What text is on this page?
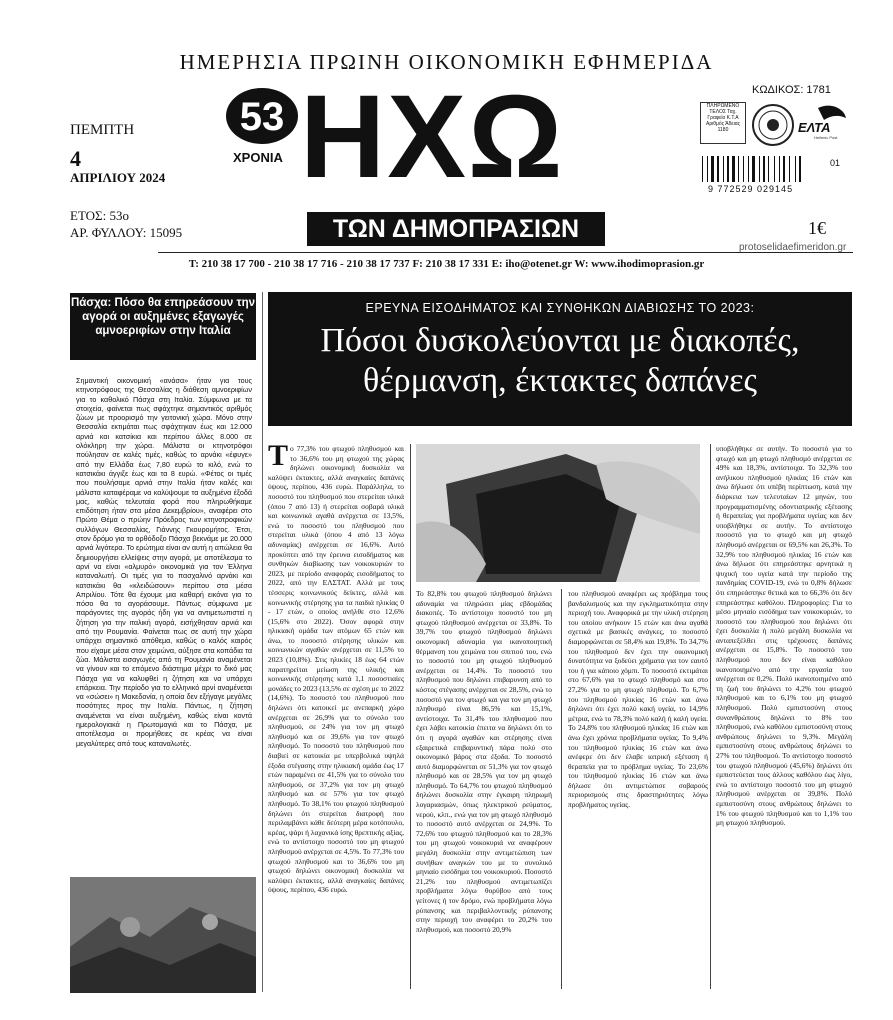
ΗΜΕΡΗΣΙΑ ΠΡΩΙΝΗ ΟΙΚΟΝΟΜΙΚΗ ΕΦΗΜΕΡΙΔΑ
ΠΕΜΠΤΗ
4
ΑΠΡΙΛΙΟΥ 2024
ΕΤΟΣ: 53ο
ΑΡ. ΦΥΛΛΟΥ: 15095
53
ΧΡΟΝΙΑ ΗΧΩ
ΤΩΝ ΔΗΜΟΠΡΑΣΙΩΝ
ΚΩΔΙΚΟΣ: 1781
ΠΛΗΡΩΜΕΝΟ ΤΕΛΟΣ Ταχ. Γραφείο Κ.Τ.Α Αριθμός Άδειας 1180	ΕΛΤΑ
Hellenic Post
9 772529 029145
01
1€
protoselidaefimeridon.gr
T: 210 38 17 700 - 210 38 17 716 - 210 38 17 737 F: 210 38 17 331 E: iho@otenet.gr W: www.ihodimoprasion.gr
Πάσχα: Πόσο θα επηρεάσουν την αγορά οι αυξημένες εξαγωγές αμνοεριφίων στην Ιταλία
Σημαντική οικονομική «ανάσα» ήταν για τους κτηνοτρόφους της Θεσσαλίας η διάθεση αμνοεριφίων για το καθολικό Πάσχα στη Ιταλία. Σύμφωνα με τα στοιχεία, φαίνεται πως σφάχτηκε σημαντικός αριθμός ζώων με προορισμό την γειτονική χώρα. Μόνο στην Θεσσαλία εκτιμάται πως σφάχτηκαν έως και 12.000 αρνιά και κατσίκια και περίπου άλλες 8.000 σε ολόκληρη την χώρα. Μάλιστα οι κτηνοτρόφοι πούλησαν σε καλές τιμές, καθώς το αρνάκι «έφυγε» από την Ελλάδα έως 7,80 ευρώ το κιλό, ενώ το κατσικάκι άγγιξε έως και τα 8 ευρώ. «Φέτος οι τιμές που πουλήσαμε αρνιά στην Ιταλία ήταν καλές και μάλιστα καταφέραμε να καλύψουμε τα αυξημένα έξοδά μας, καθώς τελευταία φορά που πληρωθήκαμε επιδότηση ήταν στα μέσα Δεκεμβρίου», αναφέρει στο Πρώτο Θέμα ο πρώην Πρόεδρος των κτηνοτροφικών συλλόγων Θεσσαλίας, Γιάννης Γκουρομήτος. Έτσι, στον δρόμο για το ορθόδοξο Πάσχα βεκνάμε με 20.000 αρνιά λιγότερα. Το ερώτημα είναι αν αυτή η απώλεια θα δημιουργήσει ελλείψεις στην αγορά, με αποτέλεσμα το αρνί να είναι «αλμυρό» οικονομικά για τον Έλληνα καταναλωτή. Οι τιμές για το πασχαλινό αρνάκι και κατσικάκι θα «κλειδώσουν» περίπου στα μέσα Απριλίου. Τότε θα έχουμε μια καθαρή εικόνα για το πόσο θα το αγοράσουμε. Πάντως σύμφωνα με παράγοντες της αγοράς ήδη για να αντιμετωπιστεί η ζήτηση για την ιταλική αγορά, εισήχθησαν αρνιά και από την Ρουμανία. Φαίνεται πως σε αυτή την χώρα υπάρχει σημαντικό απόθεμα, καθώς ο καλός καιρός που είχαμε μέσα στον χειμώνα, αύξησε στα κοπάδια τα ζώα. Μάλιστα εισαγωγές από τη Ρουμανία αναμένεται να γίνουν και το επόμενο διάστημα μέχρι το δικό μας Πάσχα για να καλυφθεί η ζήτηση και να υπάρχει επάρκεια. Την περίοδο για το ελληνικό αρνί αναμένεται να «σώσει» η Μακεδονία, η οποία δεν εξήγαγε μεγάλες ποσότητες προς την Ιταλία. Πάντως, η ζήτηση αναμένεται να είναι αυξημένη, καθώς είναι κοντά ημερολογιακά η Πρωτομαγιά και το Πάσχα, με αποτέλεσμα οι προμήθειες σε κρέας να είναι μεγαλύτερες από τους καταναλωτές.
ΕΡΕΥΝΑ ΕΙΣΟΔΗΜΑΤΟΣ ΚΑΙ ΣΥΝΘΗΚΩΝ ΔΙΑΒΙΩΣΗΣ ΤΟ 2023:
Πόσοι δυσκολεύονται με διακοπές,
θέρμανση, έκτακτες δαπάνες
Το 77,3% του φτωχού πληθυσμού και το 36,6% του μη φτωχού της χώρας δηλώνει οικονομική δυσκολία να καλύψει έκτακτες, αλλά αναγκαίες δαπάνες ύψους, περίπου, 436 ευρώ. Παράλληλα, το ποσοστό του πληθυσμού που στερείται υλικά (όπου 7 από 13) ή στερείται σοβαρά υλικά και κοινωνικά αγαθά ανέρχεται σε 13,5%, ενώ το ποσοστό του πληθυσμού που στερείται υλικά (όπου 4 από 13 λόγω αδυναμίας) ανέρχεται σε 16,6%. Αυτό προκύπτει από την έρευνα εισοδήματος και συνθηκών διαβίωσης των νοικοκυριών το 2023, με περίοδο αναφοράς εισοδήματος το 2022, από την ΕΛΣΤΑΤ. Αλλά με τους τέσσερις κοινωνικούς δείκτες, αλλά και κοινωνικής στέρησης για τα παιδιά ηλικίας 0 - 17 ετών, ο οποίος ανήλθε στο 12,6% (15,6% στο 2022). Όσον αφορά στην ηλικιακή ομάδα των ατόμων 65 ετών και άνω, το ποσοστό στέρησης υλικών και κοινωνικών αγαθών ανέρχεται σε 11,5% το 2023 (10,8%). Στις ηλικίες 18 έως 64 ετών παρατηρείται μείωση της υλικής και κοινωνικής στέρησης κατά 1,1 ποσοστιαίες μονάδες το 2023 (13,5% σε σχέση με το 2022 (14,6%). Το ποσοστό του πληθυσμού που δηλώνει ότι κατοικεί με ανεπαρκή χώρο ανέρχεται σε 26,9% για το σύνολο του πληθυσμού, σε 24% για τον μη φτωχό πληθυσμό και σε 39,6% για τον φτωχό πληθυσμό. Το ποσοστό του πληθυσμού που διαβιεί σε κατοικία με υπερβολικά υψηλά έξοδα στέγασης στην ηλικιακή ομάδα έως 17 ετών παραμένει σε 41,5% για το σύνολο του πληθυσμού, σε 37,2% για τον μη φτωχό πληθυσμό και σε 57% για τον φτωχό πληθυσμό. Το 38,1% του φτωχού πληθυσμού δηλώνει ότι στερείται διατροφή που περιλαμβάνει κάθε δεύτερη μέρα κοτόπουλο, κρέας, ψάρι ή λαχανικά ίσης θρεπτικής αξίας, ενώ το αντίστοιχο ποσοστό του μη φτωχού πληθυσμού ανέρχεται σε 4,5%. Το 77,3% του φτωχού πληθυσμού και το 36,6% του μη φτωχού δηλώνει οικονομική δυσκολία να καλύψει έκτακτες, αλλά αναγκαίες δαπάνες ύψους, περίπου, 436 ευρώ.
Το 82,8% του φτωχού πληθυσμού δηλώνει αδυναμία να πληρώσει μίας εβδομάδας διακοπές. Το αντίστοιχο ποσοστό του μη φτωχού πληθυσμού ανέρχεται σε 33,8%. Το 39,7% του φτωχού πληθυσμού δηλώνει οικονομική αδυναμία για ικανοποιητική θέρμανση του χειμώνα του σπιτιού του, ενώ το ποσοστό του μη φτωχού πληθυσμού ανέρχεται σε 14,4%. Το ποσοστό του πληθυσμού που δηλώνει επιβαρυνση από το κόστος στέγασης ανέρχεται σε 28,5%, ενώ το ποσοστό για τον φτωχό και για τον μη φτωχό πληθυσμό είναι 86,5% και 15,1%, αντίστοιχα. Το 31,4% του πληθυσμού που έχει λάβει κατοικία έπειτα να δηλώνει ότι το ότι η αγορά αγαθών και στέρησης είναι εξαιρετικά επιβαρυντική πάρα πολύ στο οικονομικό βάρος στα έξοδα. Το ποσοστό αυτό διαμορφώνεται σε 51,3% για τον φτωχό πληθυσμό και σε 28,5% για τον μη φτωχό πληθυσμό. Το 64,7% του φτωχού πληθυσμού δηλώνει δυσκολία στην έγκαιρη πληρωμή λογαριασμών, όπως ηλεκτρικού ρεύματος, νερού, κλπ., ενώ για τον μη φτωχό πληθυσμό το ποσοστό αυτό ανέρχεται σε 24,9%. Το 72,6% του φτωχού πληθυσμού και το 28,3% του μη φτωχού νοικοκυριά να αναφέρουν μεγάλη δυσκολία στην αντιμετώπιση των συνήθων αναγκών του με το συνολικό μηνιαίο εισόδημα του νοικοκυριού. Ποσοστό 21,2% του πληθυσμού αντιμετωπίζει προβλήματα λόγω θορύβου από τους γείτονες ή τον δρόμο, ενώ προβλήματα λόγω ρύπανσης και περιβαλλοντικής ρύπανσης στην περιοχή του αναφέρει το 20,2% του πληθυσμού, και ποσοστό 20,9%
του πληθυσμού αναφέρει ως πρόβλημα τους βανδαλισμούς και την εγκληματικότητα στην περιοχή του. Αναφορικά με την υλική στέρηση του οποίου ανήκουν 15 ετών και άνω αγαθά σχετικά με βασικές ανάγκες, το ποσοστό διαμορφώνεται σε 58,4% και 19,8%. Το 34,7% του πληθυσμού δεν έχει την οικονομική δυνατότητα να ξοδεύει χρήματα για τον εαυτό του ή για κάποιο χόμπι. Το ποσοστό εκτιμάται στο 67,6% για το φτωχό πληθυσμό και στο 27,2% για το μη φτωχό πληθυσμό. Το 6,7% του πληθυσμού ηλικίας 16 ετών και άνω δηλώνει ότι έχει πολύ κακή υγεία, το 14,9% μέτρια, ενώ το 78,3% πολύ καλή ή καλή υγεία. Το 24,8% του πληθυσμού ηλικίας 16 ετών και άνω έχει χρόνια προβλήματα υγείας. Το 9,4% του πληθυσμού ηλικίας 16 ετών και άνω ανέφερε ότι δεν έλαβε ιατρική εξέταση ή θεραπεία για το πρόβλημα υγείας. Το 23,6% του πληθυσμού ηλικίας 16 ετών και άνω δήλωσε ότι αντιμετώπισε σοβαρούς περιορισμούς στις δραστηριότητες λόγω προβλήματος υγείας.
υποβλήθηκε σε αυτήν. Το ποσοστό για το φτωχό και μη φτωχό πληθυσμό ανέρχεται σε 49% και 18,3%, αντίστοιχα. Το 32,3% του ανήλικου πληθυσμού ηλικίας 16 ετών και άνω δήλωσε ότι υπέβη περίπτωση, κατά την διάρκεια των τελευταίων 12 μηνών, του προγραμματισμένης οδοντιατρικής εξέτασης ή θεραπείας για προβλήματα υγείας και δεν υποβλήθηκε σε αυτήν. Το αντίστοιχο ποσοστό για το φτωχό και μη φτωχό πληθυσμό ανέρχεται σε 69,5% και 26,3%. Το 32,9% του πληθυσμού ηλικίας 16 ετών και άνω δήλωσε ότι επηρεάστηκε αρνητικά η ψυχική του υγεία κατά την περίοδο της πανδημίας COVID-19, ενώ το 0,8% δήλωσε ότι επηρεάστηκε θετικά και το 66,3% ότι δεν επηρεάστηκε καθόλου. Πληροφορίες: Για το μέσο μηνιαίο εισόδημα των νοικοκυριών, το ποσοστό του πληθυσμού που δηλώνει ότι έχει δυσκολία ή πολύ μεγάλη δυσκολία να ανταπεξέλθει στις τρέχουσες δαπάνες ανέρχεται σε 15,8%. Το ποσοστό του πληθυσμού που δεν είναι καθόλου ικανοποιημένο από την εργασία του ανέρχεται σε 0,2%. Πολύ ικανοποιημένο από τη ζωή του δηλώνει το 4,2% του φτωχού πληθυσμού και το 6,1% του μη φτωχού πληθυσμού. Πολύ εμπιστοσύνη στους συνανθρώπους δηλώνει το 8% του πληθυσμού, ενώ καθόλου εμπιστοσύνη στους ανθρώπους δηλώνει το 9,3%. Μεγάλη εμπιστοσύνη στους ανθρώπους δηλώνει το 27% του πληθυσμού. Το αντίστοιχο ποσοστό του φτωχού πληθυσμού (45,6%) δηλώνει ότι εμπιστεύεται τους άλλους καθόλου έως λίγο, ενώ το αντίστοιχο ποσοστό του μη φτωχού πληθυσμού ανέρχεται σε 39,8%. Πολύ εμπιστοσύνη στους ανθρώπους δηλώνει το 1% του φτωχού πληθυσμού και το 1,1% του μη φτωχού πληθυσμού.
